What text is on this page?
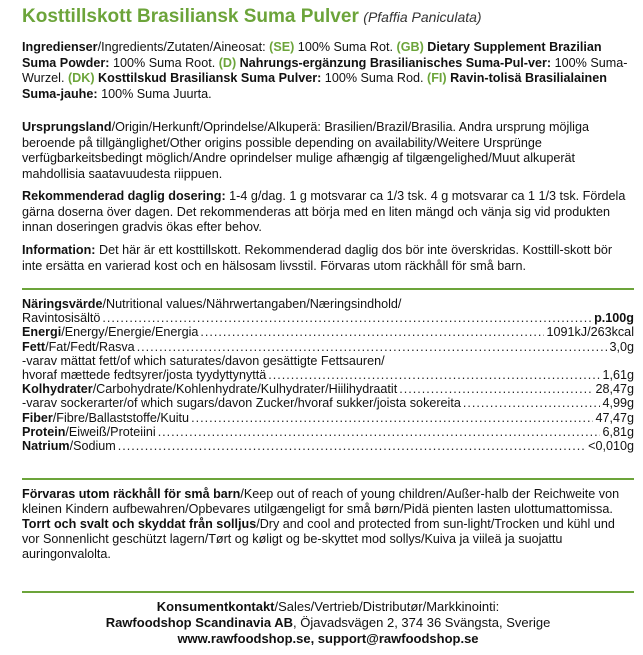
Kosttillskott Brasiliansk Suma Pulver (Pfaffia Paniculata)
Ingredienser/Ingredients/Zutaten/Aineosat: (SE) 100% Suma Rot. (GB) Dietary Supplement Brazilian Suma Powder: 100% Suma Root. (D) Nahrungs-ergänzung Brasilianisches Suma-Pul-ver: 100% Suma-Wurzel. (DK) Kosttilskud Brasiliansk Suma Pulver: 100% Suma Rod. (FI) Ravin-tolisä Brasilialainen Suma-jauhe: 100% Suma Juurta.
Ursprungsland/Origin/Herkunft/Oprindelse/Alkuperä: Brasilien/Brazil/Brasilia. Andra ursprung möjliga beroende på tillgänglighet/Other origins possible depending on availability/Weitere Ursprünge verfügbarkeitsbedingt möglich/Andre oprindelser mulige afhængig af tilgængelighed/Muut alkuperät mahdollisia saatavuudesta riippuen.
Rekommenderad daglig dosering: 1-4 g/dag. 1 g motsvarar ca 1/3 tsk. 4 g motsvarar ca 1 1/3 tsk. Fördela gärna doserna över dagen. Det rekommenderas att börja med en liten mängd och vänja sig vid produkten innan doseringen gradvis ökas efter behov.
Information: Det här är ett kosttillskott. Rekommenderad daglig dos bör inte överskridas. Kosttill-skott bör inte ersätta en varierad kost och en hälsosam livsstil. Förvaras utom räckhåll för små barn.
Näringsvärde/Nutritional values/Nährwertangaben/Næringsindhold/
Ravintosisältö .....	p.100g
Energi/Energy/Energie/Energia .....	1091kJ/263kcal
Fett/Fat/Fedt/Rasva .....	3,0g
-varav mättat fett/of which saturates/davon gesättigte Fettsauren/
hvoraf mættede fedtsyrer/josta tyydyttynyttä .....	1,61g
Kolhydrater/Carbohydrate/Kohlenhydrate/Kulhydrater/Hiilihydraatit .....	28,47g
-varav sockerarter/of which sugars/davon Zucker/hvoraf sukker/joista sokereita .....	4,99g
Fiber/Fibre/Ballaststoffe/Kuitu .....	47,47g
Protein/Eiweiß/Proteiini .....	6,81g
Natrium/Sodium .....	<0,010g
Förvaras utom räckhåll för små barn/Keep out of reach of young children/Außer-halb der Reichweite von kleinen Kindern aufbewahren/Opbevares utilgængeligt for små børn/Pidä pienten lasten ulottumattomissa.
Torrt och svalt och skyddat från solljus/Dry and cool and protected from sun-light/Trocken und kühl und vor Sonnenlicht geschützt lagern/Tørt og køligt og be-skyttet mod sollys/Kuiva ja viileä ja suojattu auringonvalolta.
Konsumentkontakt/Sales/Vertrieb/Distributør/Markkinointi:
Rawfoodshop Scandinavia AB, Öjavadsvägen 2, 374 36 Svängsta, Sverige
www.rawfoodshop.se, support@rawfoodshop.se
